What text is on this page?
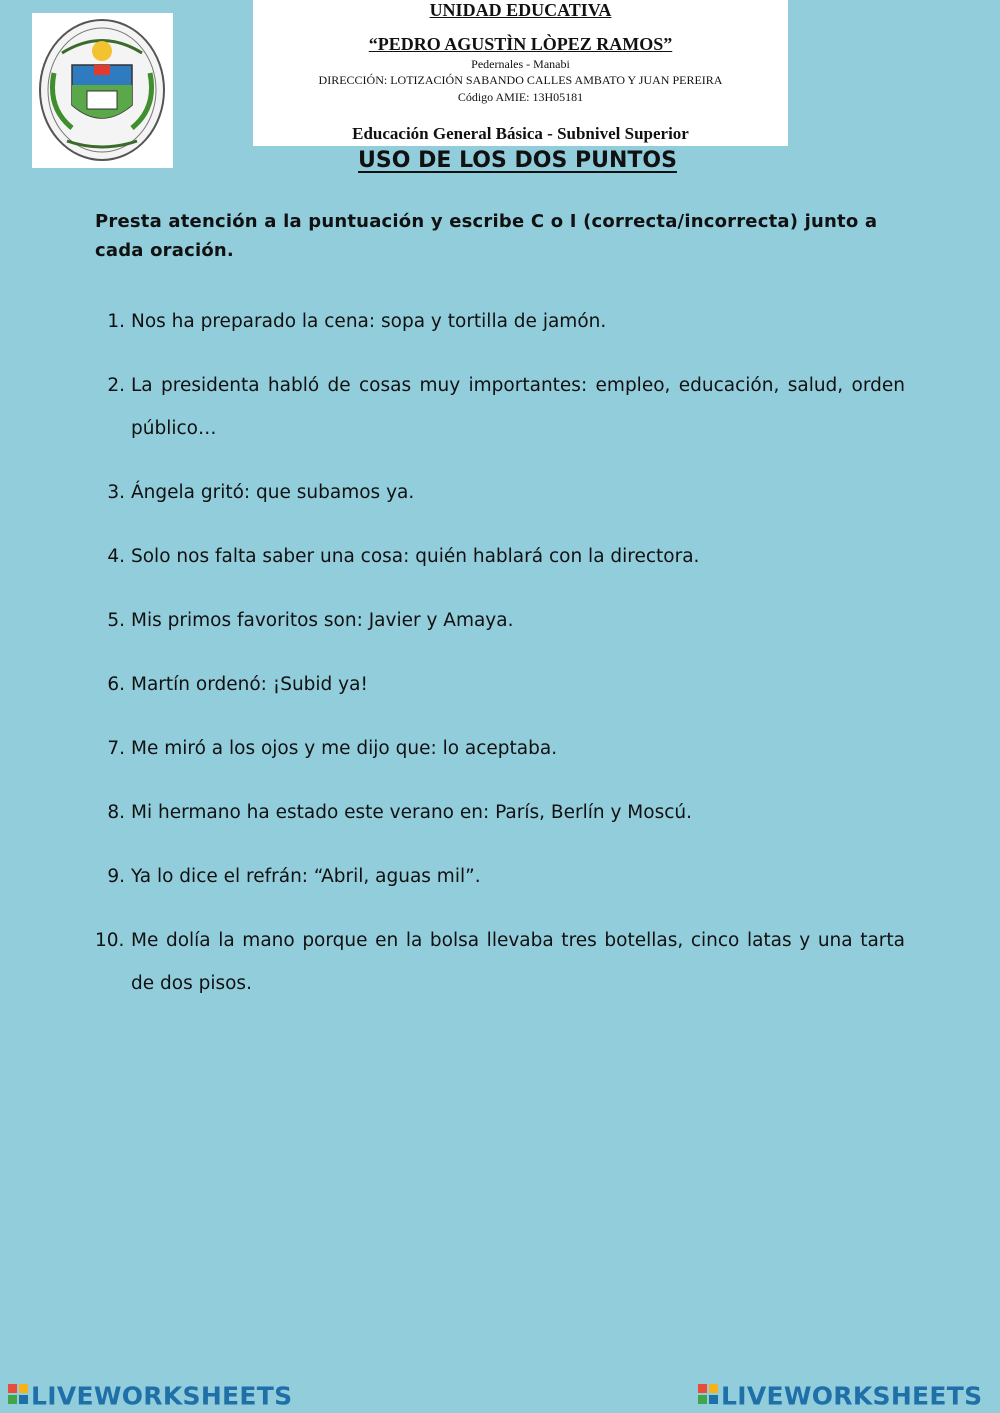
UNIDAD EDUCATIVA
“PEDRO AGUSTÌN LÒPEZ RAMOS”
Pedernales - Manabi
DIRECCIÓN: LOTIZACIÓN SABANDO CALLES AMBATO Y JUAN PEREIRA
Código AMIE: 13H05181
Educación General Básica - Subnivel Superior
USO DE LOS DOS PUNTOS
Presta atención a la puntuación y escribe C o I (correcta/incorrecta) junto a cada oración.
1. Nos ha preparado la cena: sopa y tortilla de jamón.
2. La presidenta habló de cosas muy importantes: empleo, educación, salud, orden público…
3. Ángela gritó: que subamos ya.
4. Solo nos falta saber una cosa: quién hablará con la directora.
5. Mis primos favoritos son: Javier y Amaya.
6. Martín ordenó: ¡Subid ya!
7. Me miró a los ojos y me dijo que: lo aceptaba.
8. Mi hermano ha estado este verano en: París, Berlín y Moscú.
9. Ya lo dice el refrán: “Abril, aguas mil”.
10. Me dolía la mano porque en la bolsa llevaba tres botellas, cinco latas y una tarta de dos pisos.
LIVEWORKSHEETS	LIVEWORKSHEETS
